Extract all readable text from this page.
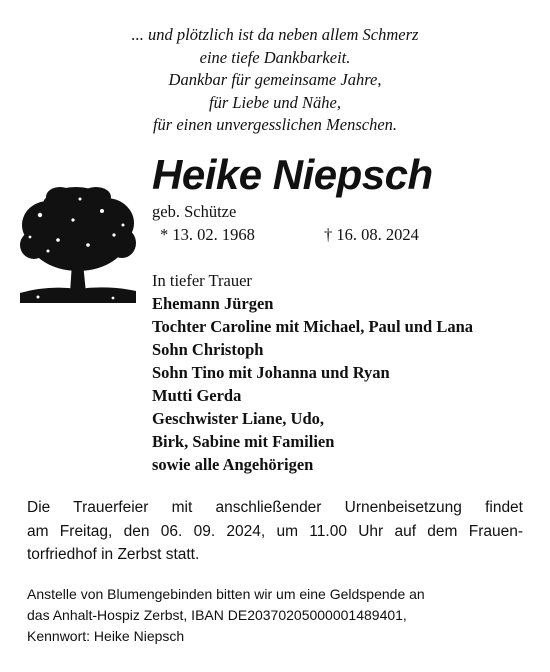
... und plötzlich ist da neben allem Schmerz
eine tiefe Dankbarkeit.
Dankbar für gemeinsame Jahre,
für Liebe und Nähe,
für einen unvergesslichen Menschen.
Heike Niepsch
geb. Schütze
* 13. 02. 1968	† 16. 08. 2024
In tiefer Trauer
Ehemann Jürgen
Tochter Caroline mit Michael, Paul und Lana
Sohn Christoph
Sohn Tino mit Johanna und Ryan
Mutti Gerda
Geschwister Liane, Udo,
Birk, Sabine mit Familien
sowie alle Angehörigen
Die Trauerfeier mit anschließender Urnenbeisetzung findet
am Freitag, den 06. 09. 2024, um 11.00 Uhr auf dem Frauen-
torfriedhof in Zerbst statt.
Anstelle von Blumengebinden bitten wir um eine Geldspende an
das Anhalt-Hospiz Zerbst, IBAN DE20370205000001489401,
Kennwort: Heike Niepsch
